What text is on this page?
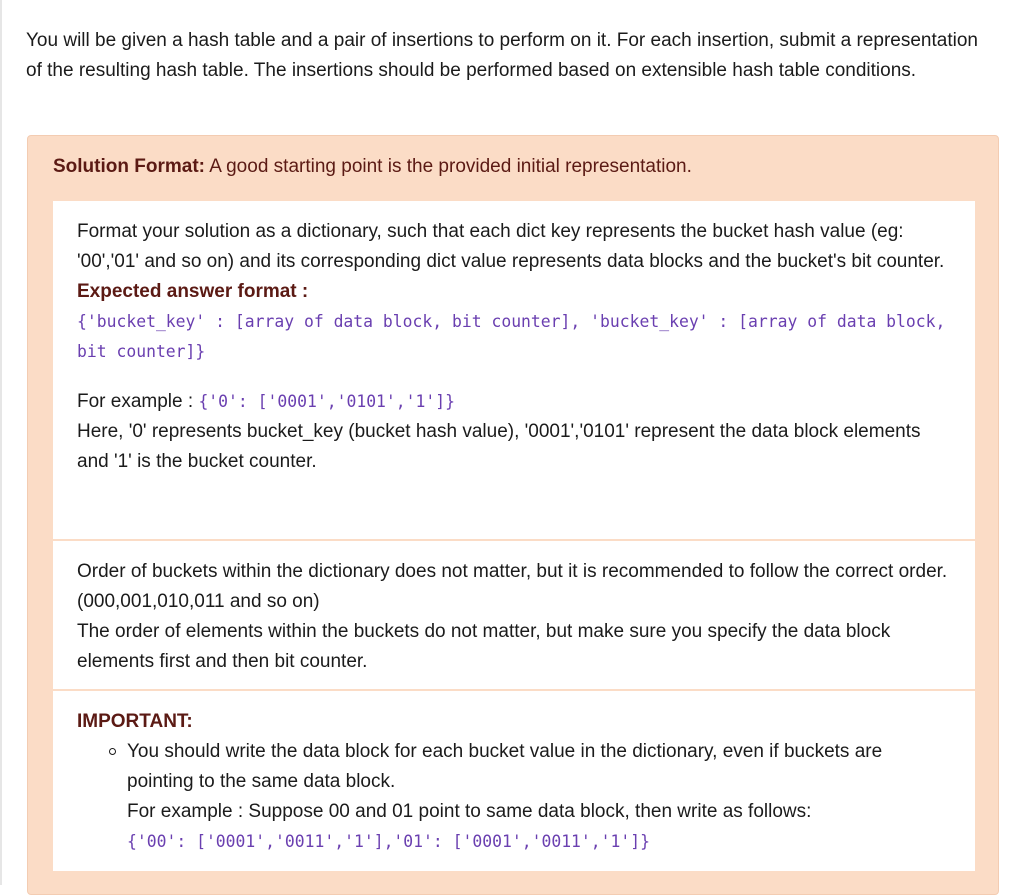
You will be given a hash table and a pair of insertions to perform on it. For each insertion, submit a representation of the resulting hash table. The insertions should be performed based on extensible hash table conditions.

Solution Format: A good starting point is the provided initial representation.
Format your solution as a dictionary, such that each dict key represents the bucket hash value (eg: '00','01' and so on) and its corresponding dict value represents data blocks and the bucket's bit counter.
Expected answer format :
{'bucket_key' : [array of data block, bit counter], 'bucket_key' : [array of data block, bit counter]}
For example : {'0': ['0001','0101','1']}
Here, '0' represents bucket_key (bucket hash value), '0001','0101' represent the data block elements and '1' is the bucket counter.
Order of buckets within the dictionary does not matter, but it is recommended to follow the correct order. (000,001,010,011 and so on)
The order of elements within the buckets do not matter, but make sure you specify the data block elements first and then bit counter.
IMPORTANT:
You should write the data block for each bucket value in the dictionary, even if buckets are pointing to the same data block.
For example : Suppose 00 and 01 point to same data block, then write as follows:
{'00': ['0001','0011','1'],'01': ['0001','0011','1']}
